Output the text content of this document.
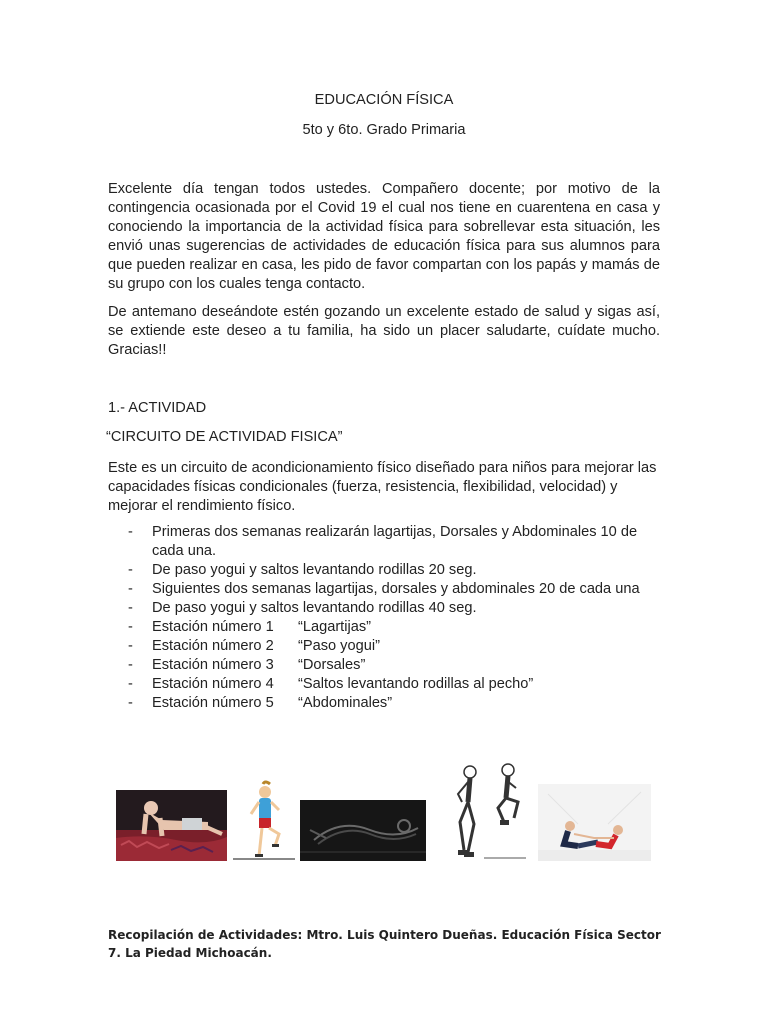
EDUCACIÓN FÍSICA
5to y 6to. Grado Primaria

Excelente día tengan todos ustedes. Compañero docente; por motivo de la contingencia ocasionada por el Covid 19 el cual nos tiene en cuarentena en casa y conociendo la importancia de la actividad física para sobrellevar esta situación, les envió unas sugerencias de actividades de educación física para sus alumnos para que pueden realizar en casa, les pido de favor compartan con los papás y mamás de su grupo con los cuales tenga contacto.

De antemano deseándote estén gozando un excelente estado de salud y sigas así, se extiende este deseo a tu familia, ha sido un placer saludarte, cuídate mucho. Gracias!!

1.- ACTIVIDAD
“CIRCUITO DE ACTIVIDAD FISICA”

Este es un circuito de acondicionamiento físico diseñado para niños para mejorar las capacidades físicas condicionales (fuerza, resistencia, flexibilidad, velocidad) y mejorar el rendimiento físico.

- Primeras dos semanas realizarán lagartijas, Dorsales y Abdominales 10 de cada una.
- De paso yogui y saltos levantando rodillas 20 seg.
- Siguientes dos semanas lagartijas, dorsales y abdominales 20 de cada una
- De paso yogui y saltos levantando rodillas 40 seg.
- Estación número 1 “Lagartijas”
- Estación número 2 “Paso yogui”
- Estación número 3 “Dorsales”
- Estación número 4 “Saltos levantando rodillas al pecho”
- Estación número 5 “Abdominales”
Recopilación de Actividades: Mtro. Luis Quintero Dueñas. Educación Física Sector 7. La Piedad Michoacán.
